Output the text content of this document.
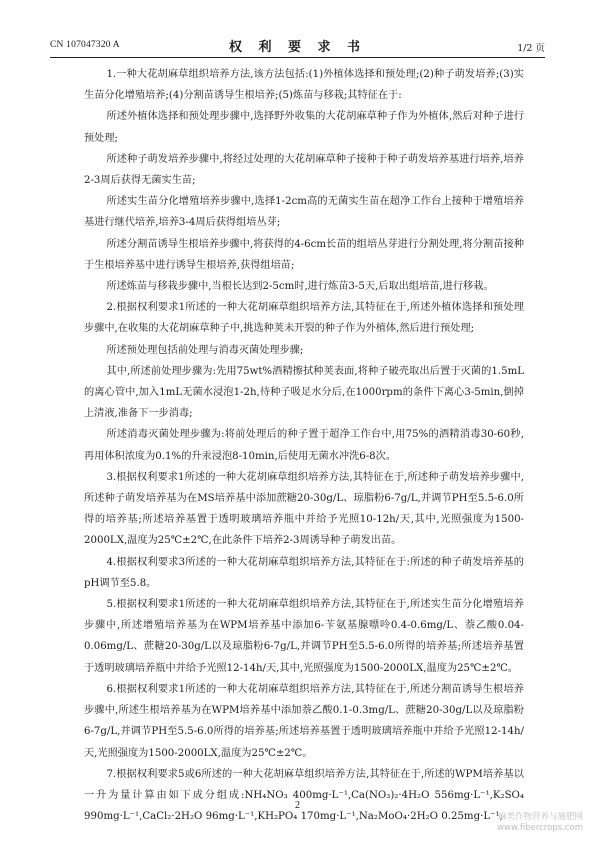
CN 107047320 A	权 利 要 求 书	1/2 页

1.一种大花胡麻草组织培养方法,该方法包括:(1)外植体选择和预处理;(2)种子萌发培养;(3)实生苗分化增殖培养;(4)分割苗诱导生根培养;(5)炼苗与移栽;其特征在于:

所述外植体选择和预处理步骤中,选择野外收集的大花胡麻草种子作为外植体,然后对种子进行预处理;

所述种子萌发培养步骤中,将经过处理的大花胡麻草种子接种于种子萌发培养基进行培养,培养2-3周后获得无菌实生苗;

所述实生苗分化增殖培养步骤中,选择1-2cm高的无菌实生苗在超净工作台上接种于增殖培养基进行继代培养,培养3-4周后获得组培丛芽;

所述分割苗诱导生根培养步骤中,将获得的4-6cm长苗的组培丛芽进行分割处理,将分割苗接种于生根培养基中进行诱导生根培养,获得组培苗;

所述炼苗与移栽步骤中,当根长达到2-5cm时,进行炼苗3-5天,后取出组培苗,进行移栽。

2.根据权利要求1所述的一种大花胡麻草组织培养方法,其特征在于,所述外植体选择和预处理步骤中,在收集的大花胡麻草种子中,挑选种荚未开裂的种子作为外植体,然后进行预处理;

所述预处理包括前处理与消毒灭菌处理步骤;

其中,所述前处理步骤为:先用75wt%酒精擦拭种荚表面,将种子破壳取出后置于灭菌的1.5mL的离心管中,加入1mL无菌水浸泡1-2h,待种子吸足水分后,在1000rpm的条件下离心3-5min,倒掉上清液,准备下一步消毒;

所述消毒灭菌处理步骤为:将前处理后的种子置于超净工作台中,用75%的酒精消毒30-60秒,再用体积浓度为0.1%的升汞浸泡8-10min,后使用无菌水冲洗6-8次。

3.根据权利要求1所述的一种大花胡麻草组织培养方法,其特征在于,所述种子萌发培养步骤中,所述种子萌发培养基为在MS培养基中添加蔗糖20-30g/L、琼脂粉6-7g/L,并调节PH至5.5-6.0所得的培养基;所述培养基置于透明玻璃培养瓶中并给予光照10-12h/天,其中,光照强度为1500-2000LX,温度为25℃±2℃,在此条件下培养2-3周诱导种子萌发出苗。

4.根据权利要求3所述的一种大花胡麻草组织培养方法,其特征在于:所述的种子萌发培养基的pH调节至5.8。

5.根据权利要求1所述的一种大花胡麻草组织培养方法,其特征在于,所述实生苗分化增殖培养步骤中,所述增殖培养基为在WPM培养基中添加6-苄氨基腺嘌呤0.4-0.6mg/L、萘乙酸0.04-0.06mg/L、蔗糖20-30g/L以及琼脂粉6-7g/L,并调节PH至5.5-6.0所得的培养基;所述培养基置于透明玻璃培养瓶中并给予光照12-14h/天,其中,光照强度为1500-2000LX,温度为25℃±2℃。

6.根据权利要求1所述的一种大花胡麻草组织培养方法,其特征在于,所述分割苗诱导生根培养步骤中,所述生根培养基为在WPM培养基中添加萘乙酸0.1-0.3mg/L、蔗糖20-30g/L以及琼脂粉6-7g/L,并调节PH至5.5-6.0所得的培养基;所述培养基置于透明玻璃培养瓶中并给予光照12-14h/天,光照强度为1500-2000LX,温度为25℃±2℃。

7.根据权利要求5或6所述的一种大花胡麻草组织培养方法,其特征在于,所述的WPM培养基以一升为量计算由如下成分组成:NH₄NO₃ 400mg·L⁻¹,Ca(NO₃)₂·4H₂O 556mg·L⁻¹,K₂SO₄ 990mg·L⁻¹,CaCl₂·2H₂O 96mg·L⁻¹,KH₂PO₄ 170mg·L⁻¹,Na₂MoO₄·2H₂O 0.25mg·L⁻¹,

2
麻类作物营养与施肥网
www.fibercrops.com
